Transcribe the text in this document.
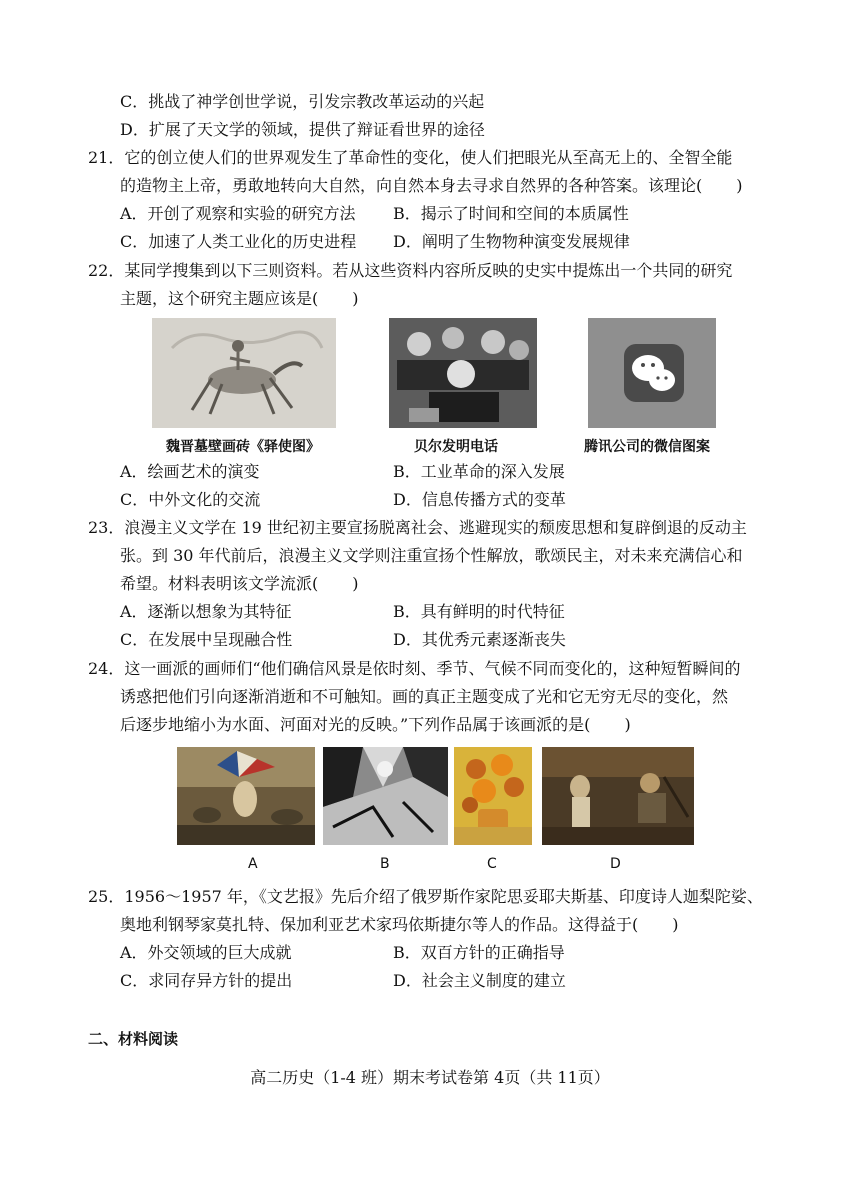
C．挑战了神学创世学说，引发宗教改革运动的兴起
D．扩展了天文学的领域，提供了辩证看世界的途径
21．它的创立使人们的世界观发生了革命性的变化，使人们把眼光从至高无上的、全智全能
的造物主上帝，勇敢地转向大自然，向自然本身去寻求自然界的各种答案。该理论( )
A．开创了观察和实验的研究方法 B．揭示了时间和空间的本质属性
C．加速了人类工业化的历史进程 D．阐明了生物物种演变发展规律
22．某同学搜集到以下三则资料。若从这些资料内容所反映的史实中提炼出一个共同的研究
主题，这个研究主题应该是( )
魏晋墓壁画砖《驿使图》	贝尔发明电话	腾讯公司的微信图案
A．绘画艺术的演变	B．工业革命的深入发展
C．中外文化的交流	D．信息传播方式的变革
23．浪漫主义文学在 19 世纪初主要宣扬脱离社会、逃避现实的颓废思想和复辟倒退的反动主
张。到 30 年代前后，浪漫主义文学则注重宣扬个性解放，歌颂民主，对未来充满信心和
希望。材料表明该文学流派( )
A．逐渐以想象为其特征	B．具有鲜明的时代特征
C．在发展中呈现融合性	D．其优秀元素逐渐丧失
24．这一画派的画师们“他们确信风景是依时刻、季节、气候不同而变化的，这种短暂瞬间的
诱惑把他们引向逐渐消逝和不可触知。画的真正主题变成了光和它无穷无尽的变化，然
后逐步地缩小为水面、河面对光的反映。”下列作品属于该画派的是( )
A	B	C	D
25．1956～1957 年，《文艺报》先后介绍了俄罗斯作家陀思妥耶夫斯基、印度诗人迦梨陀娑、
奥地利钢琴家莫扎特、保加利亚艺术家玛依斯捷尔等人的作品。这得益于( )
A．外交领域的巨大成就	B．双百方针的正确指导
C．求同存异方针的提出	D．社会主义制度的建立
二、材料阅读
高二历史（1-4 班）期末考试卷第 4页（共 11页）
